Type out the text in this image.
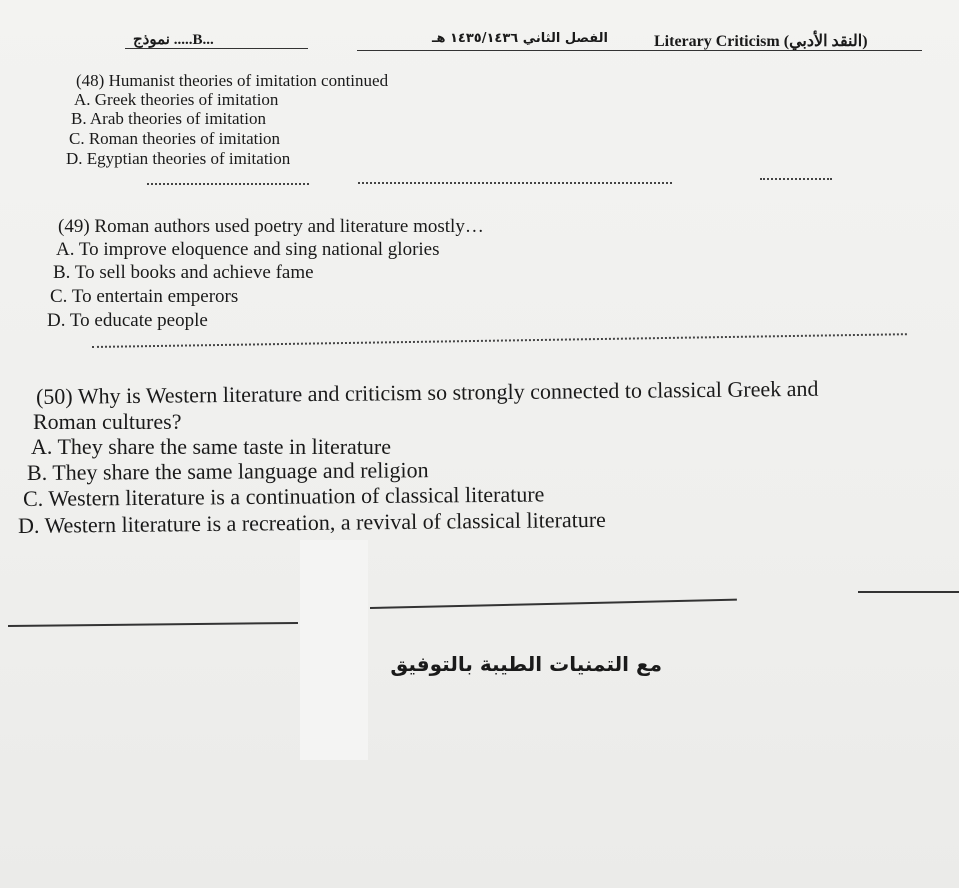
نموذج .....B...	الفصل الثاني ١٤٣٥/١٤٣٦ هـ	Literary Criticism (النقد الأدبي)
(48) Humanist theories of imitation continued
A. Greek theories of imitation
B. Arab theories of imitation
C. Roman theories of imitation
D. Egyptian theories of imitation
(49) Roman authors used poetry and literature mostly…
A. To improve eloquence and sing national glories
B. To sell books and achieve fame
C. To entertain emperors
D. To educate people
(50) Why is Western literature and criticism so strongly connected to classical Greek and
Roman cultures?
A. They share the same taste in literature
B. They share the same language and religion
C. Western literature is a continuation of classical literature
D. Western literature is a recreation, a revival of classical literature
مع التمنيات الطيبة بالتوفيق
